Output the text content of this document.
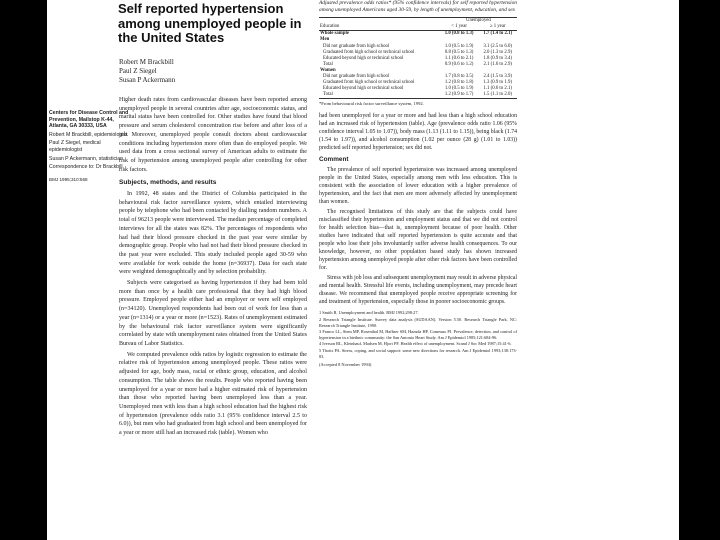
Centers for Disease Control and Prevention, Mailstop K-44, Atlanta, GA 30333, USA

Robert M Brackbill, epidemiologist

Paul Z Siegel, medical epidemiologist

Susan P Ackermann, statistician

Correspondence to: Dr Brackbill.

BMJ 1995;310:568

Self reported hypertension among unemployed people in the United States
Robert M Brackbill
Paul Z Siegel
Susan P Ackermann

Higher death rates from cardiovascular diseases have been reported among unemployed people in several countries after age, socioeconomic status, and marital status have been controlled for. Other studies have found that blood pressure and serum cholesterol concentration rise before and after loss of a job. Moreover, unemployed people consult doctors about cardiovascular conditions including hypertension more often than do employed people. We used data from a cross sectional survey of American adults to estimate the risk of hypertension among unemployed people after controlling for other risk factors.

Subjects, methods, and results

In 1992, 48 states and the District of Columbia participated in the behavioural risk factor surveillance system, which entailed interviewing people by telephone who had been contacted by dialling random numbers. A total of 96213 people were interviewed. The median percentage of completed interviews for all the states was 82%. The percentages of respondents who had had their blood pressure checked in the past year were similar by demographic group. People who had not had their blood pressure checked in the past year were excluded. This study included people aged 30-59 who were available for work outside the home (n=36937). Data for each state were weighted demographically and by selection probability.

Subjects were categorised as having hypertension if they had been told more than once by a health care professional that they had high blood pressure. Employed people either had an employer or were self employed (n=34120). Unemployed respondents had been out of work for less than a year (n=1314) or a year or more (n=1523). Rates of unemployment estimated by the behavioural risk factor surveillance system were significantly correlated by state with unemployment rates obtained from the United States Bureau of Labor Statistics.

We computed prevalence odds ratios by logistic regression to estimate the relative risk of hypertension among unemployed people. These ratios were adjusted for age, body mass, racial or ethnic group, education, and alcohol consumption. The table shows the results. People who reported having been unemployed for a year or more had a higher estimated risk of hypertension than those who reported having been unemployed less than a year. Unemployed men with less than a high school education had the highest risk of hypertension (prevalence odds ratio 3.1 (95% confidence interval 2.5 to 6.0)), but men who had graduated from high school and been unemployed for a year or more still had an increased risk (table). Women who

Adjusted prevalence odds ratios* (95% confidence intervals) for self reported hypertension among unemployed Americans aged 30-59, by length of unemployment, education, and sex
	Unemployed	
Education	< 1 year	≥ 1 year
Whole sample	1.0 (0.8 to 1.3)	1.7 (1.4 to 2.1)
Men		
Did not graduate from high school	1.0 (0.5 to 1.9)	3.1 (2.5 to 6.0)
Graduated from high school or technical school	0.8 (0.5 to 1.3)	2.0 (1.3 to 2.9)
Educated beyond high or technical school	1.1 (0.6 to 2.1)	1.8 (0.9 to 3.4)
Total	0.9 (0.6 to 1.2)	2.1 (1.6 to 2.9)
Women		
Did not graduate from high school	1.7 (0.8 to 3.5)	2.4 (1.5 to 3.9)
Graduated from high school or technical school	1.2 (0.8 to 1.8)	1.3 (0.9 to 1.9)
Educated beyond high or technical school	1.0 (0.5 to 1.9)	1.1 (0.6 to 2.1)
Total	1.2 (0.9 to 1.7)	1.5 (1.1 to 2.0)
*From behavioural risk factor surveillance system, 1992.

had been unemployed for a year or more and had less than a high school education had an increased risk of hypertension (table). Age (prevalence odds ratio 1.06 (95% confidence interval 1.05 to 1.07)), body mass (1.13 (1.11 to 1.15)), being black (1.74 (1.54 to 1.97)), and alcohol consumption (1.02 per ounce (28 g) (1.01 to 1.03)) predicted self reported hypertension; sex did not.

Comment

The prevalence of self reported hypertension was increased among unemployed people in the United States, especially among men with less education. This is consistent with the association of lower education with a higher prevalence of hypertension, and the fact that men are more adversely affected by unemployment than women.

The recognised limitations of this study are that the subjects could have misclassified their hypertension and employment status and that we did not control for health selection bias—that is, unemployment because of poor health. Other studies have indicated that self reported hypertension is quite accurate and that people who lose their jobs involuntarily suffer adverse health consequences. To our knowledge, however, no other population based study has shown increased hypertension among unemployed people after other risk factors have been controlled for.

Stress with job loss and subsequent unemployment may result in adverse physical and mental health. Stressful life events, including unemployment, may precede heart disease. We recommend that unemployed people receive appropriate screening for and treatment of hypertension, especially those in poorer socioeconomic groups.

1 Smith R. Unemployment and health. BMJ 1992;298:27.
2 Research Triangle Institute. Survey data analysis (SUDAAN). Version 5.50. Research Triangle Park, NC: Research Triangle Institute, 1990.
3 Franco LL, Stem MP, Rosenthal M, Haffner SM, Hazuda HP, Comeaux PJ. Prevalence, detection, and control of hypertension in a biethnic community: the San Antonio Heart Study. Am J Epidemiol 1985;121:684-96.
4 Iverson RL, Kleinhauf, Madsen M, Hjort PF. Health effect of unemployment. Scand J Soc Med 1987;15:41-6.
5 Thoits PA. Stress, coping, and social support: some new directions for research. Am J Epidemiol 1993;138:173-83.
(Accepted 8 November 1994)
